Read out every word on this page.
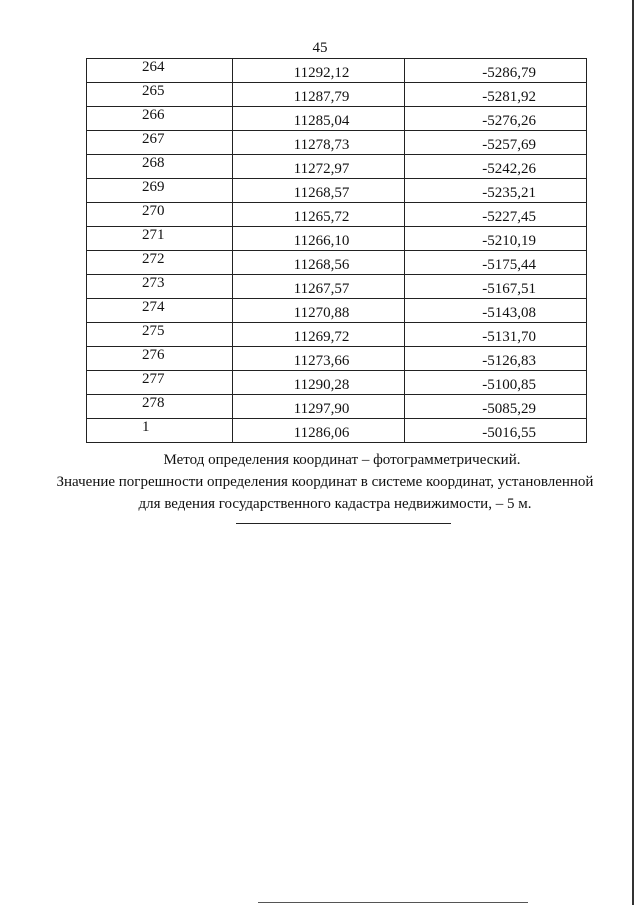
45
264	11292,12	-5286,79
265	11287,79	-5281,92
266	11285,04	-5276,26
267	11278,73	-5257,69
268	11272,97	-5242,26
269	11268,57	-5235,21
270	11265,72	-5227,45
271	11266,10	-5210,19
272	11268,56	-5175,44
273	11267,57	-5167,51
274	11270,88	-5143,08
275	11269,72	-5131,70
276	11273,66	-5126,83
277	11290,28	-5100,85
278	11297,90	-5085,29
1	11286,06	-5016,55

Метод определения координат – фотограмметрический.

Значение погрешности определения координат в системе координат, установленной

для ведения государственного кадастра недвижимости, – 5 м.
